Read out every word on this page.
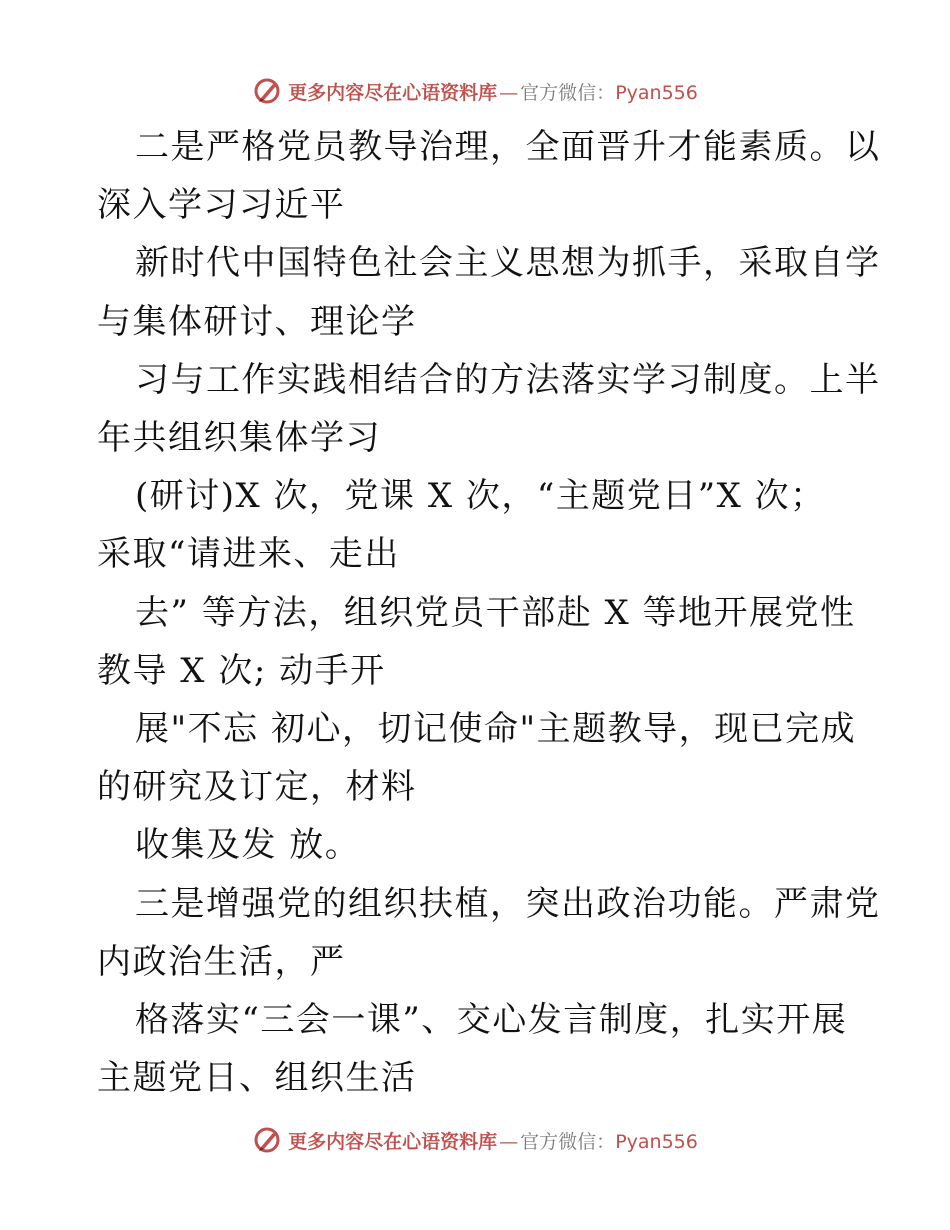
更多内容尽在心语资料库 — 官方微信： Pyan556
二是严格党员教导治理，全面晋升才能素质。以
深入学习习近平
新时代中国特色社会主义思想为抓手，采取自学
与集体研讨、理论学
习与工作实践相结合的方法落实学习制度。上半
年共组织集体学习
(研讨)X 次，党课 X 次，“主题党日”X 次；
采取“请进来、走出
去” 等方法，组织党员干部赴 X 等地开展党性
教导 X 次; 动手开
展"不忘 初心，切记使命"主题教导，现已完成
的研究及订定，材料
收集及发 放。
三是增强党的组织扶植，突出政治功能。严肃党
内政治生活，严
格落实“三会一课”、交心发言制度，扎实开展
主题党日、组织生活
更多内容尽在心语资料库 — 官方微信： Pyan556
